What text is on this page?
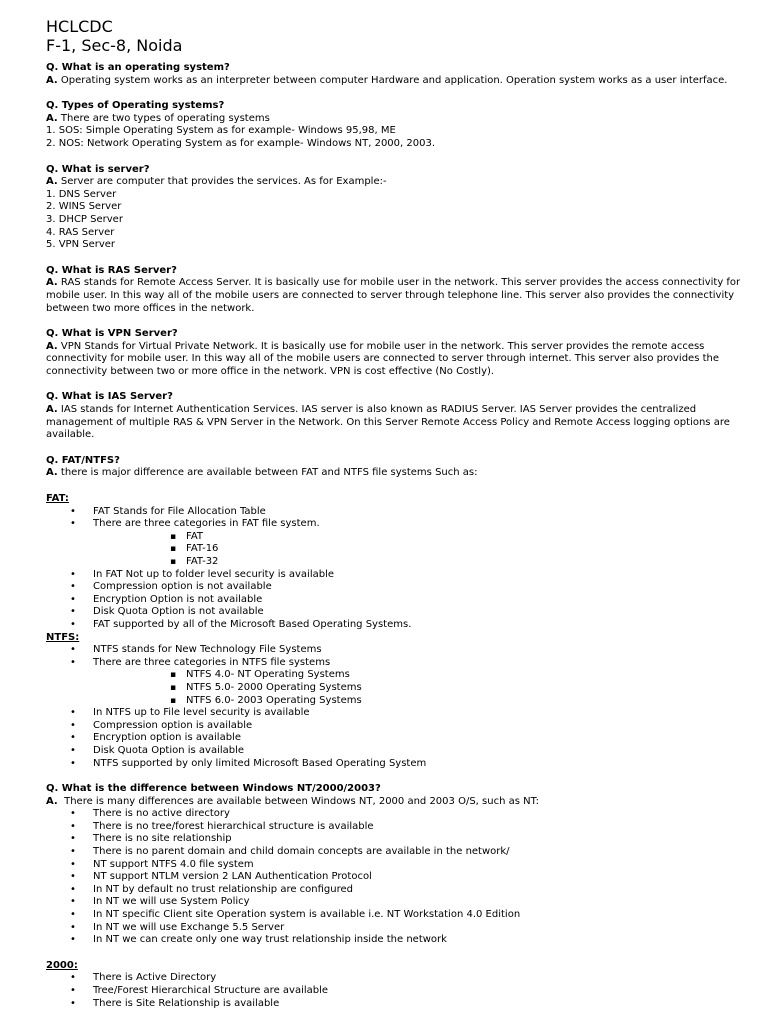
HCLCDC
F-1, Sec-8, Noida
Q. What is an operating system?
A. Operating system works as an interpreter between computer Hardware and application. Operation system works as a user interface.
Q. Types of Operating systems?
A. There are two types of operating systems
1. SOS: Simple Operating System as for example- Windows 95,98, ME
2. NOS: Network Operating System as for example- Windows NT, 2000, 2003.
Q. What is server?
A. Server are computer that provides the services. As for Example:-
1. DNS Server
2. WINS Server
3. DHCP Server
4. RAS Server
5. VPN Server
Q. What is RAS Server?
A. RAS stands for Remote Access Server. It is basically use for mobile user in the network. This server provides the access connectivity for mobile user. In this way all of the mobile users are connected to server through telephone line. This server also provides the connectivity between two more offices in the network.
Q. What is VPN Server?
A. VPN Stands for Virtual Private Network. It is basically use for mobile user in the network. This server provides the remote access connectivity for mobile user. In this way all of the mobile users are connected to server through internet. This server also provides the connectivity between two or more office in the network. VPN is cost effective (No Costly).
Q. What is IAS Server?
A. IAS stands for Internet Authentication Services. IAS server is also known as RADIUS Server. IAS Server provides the centralized management of multiple RAS & VPN Server in the Network. On this Server Remote Access Policy and Remote Access logging options are available.
Q. FAT/NTFS?
A. there is major difference are available between FAT and NTFS file systems Such as:
FAT:
• FAT Stands for File Allocation Table
• There are three categories in FAT file system.
▪ FAT
▪ FAT-16
▪ FAT-32
• In FAT Not up to folder level security is available
• Compression option is not available
• Encryption Option is not available
• Disk Quota Option is not available
• FAT supported by all of the Microsoft Based Operating Systems.
NTFS:
• NTFS stands for New Technology File Systems
• There are three categories in NTFS file systems
▪ NTFS 4.0- NT Operating Systems
▪ NTFS 5.0- 2000 Operating Systems
▪ NTFS 6.0- 2003 Operating Systems
• In NTFS up to File level security is available
• Compression option is available
• Encryption option is available
• Disk Quota Option is available
• NTFS supported by only limited Microsoft Based Operating System
Q. What is the difference between Windows NT/2000/2003?
A. There is many differences are available between Windows NT, 2000 and 2003 O/S, such as NT:
• There is no active directory
• There is no tree/forest hierarchical structure is available
• There is no site relationship
• There is no parent domain and child domain concepts are available in the network/
• NT support NTFS 4.0 file system
• NT support NTLM version 2 LAN Authentication Protocol
• In NT by default no trust relationship are configured
• In NT we will use System Policy
• In NT specific Client site Operation system is available i.e. NT Workstation 4.0 Edition
• In NT we will use Exchange 5.5 Server
• In NT we can create only one way trust relationship inside the network
2000:
• There is Active Directory
• Tree/Forest Hierarchical Structure are available
• There is Site Relationship is available
